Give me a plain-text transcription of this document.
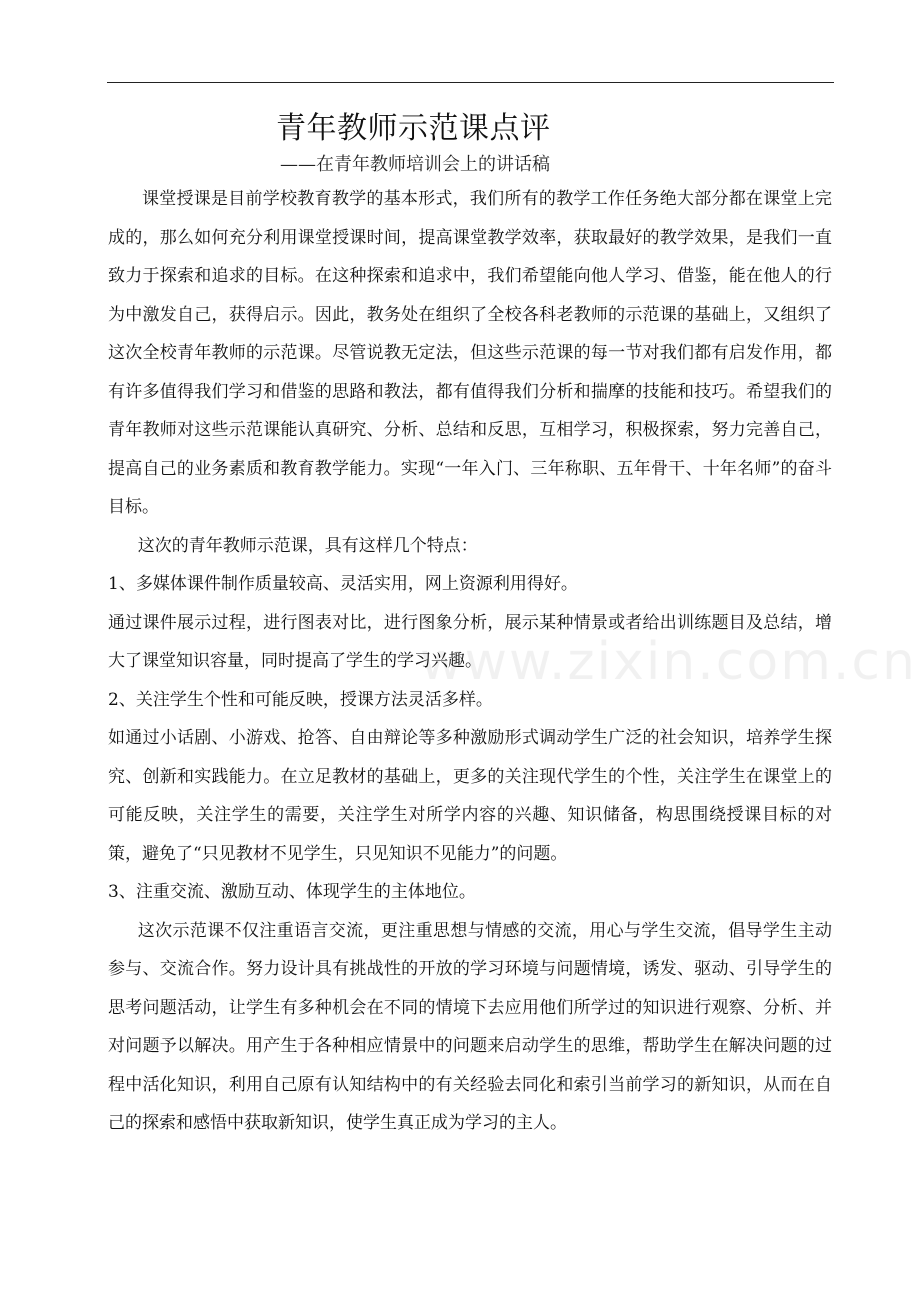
www.zixin.com.cn
青年教师示范课点评
——在青年教师培训会上的讲话稿

课堂授课是目前学校教育教学的基本形式，我们所有的教学工作任务绝大部分都在课堂上完成的，那么如何充分利用课堂授课时间，提高课堂教学效率，获取最好的教学效果，是我们一直致力于探索和追求的目标。在这种探索和追求中，我们希望能向他人学习、借鉴，能在他人的行为中激发自己，获得启示。因此，教务处在组织了全校各科老教师的示范课的基础上，又组织了这次全校青年教师的示范课。尽管说教无定法，但这些示范课的每一节对我们都有启发作用，都有许多值得我们学习和借鉴的思路和教法，都有值得我们分析和揣摩的技能和技巧。希望我们的青年教师对这些示范课能认真研究、分析、总结和反思，互相学习，积极探索，努力完善自己，提高自己的业务素质和教育教学能力。实现“一年入门、三年称职、五年骨干、十年名师”的奋斗目标。

这次的青年教师示范课，具有这样几个特点：

1、多媒体课件制作质量较高、灵活实用，网上资源利用得好。

通过课件展示过程，进行图表对比，进行图象分析，展示某种情景或者给出训练题目及总结，增大了课堂知识容量，同时提高了学生的学习兴趣。

2、关注学生个性和可能反映，授课方法灵活多样。

如通过小话剧、小游戏、抢答、自由辩论等多种激励形式调动学生广泛的社会知识，培养学生探究、创新和实践能力。在立足教材的基础上，更多的关注现代学生的个性，关注学生在课堂上的可能反映，关注学生的需要，关注学生对所学内容的兴趣、知识储备，构思围绕授课目标的对策，避免了“只见教材不见学生，只见知识不见能力”的问题。

3、注重交流、激励互动、体现学生的主体地位。

这次示范课不仅注重语言交流，更注重思想与情感的交流，用心与学生交流，倡导学生主动参与、交流合作。努力设计具有挑战性的开放的学习环境与问题情境，诱发、驱动、引导学生的思考问题活动，让学生有多种机会在不同的情境下去应用他们所学过的知识进行观察、分析、并对问题予以解决。用产生于各种相应情景中的问题来启动学生的思维，帮助学生在解决问题的过程中活化知识，利用自己原有认知结构中的有关经验去同化和索引当前学习的新知识，从而在自己的探索和感悟中获取新知识，使学生真正成为学习的主人。
